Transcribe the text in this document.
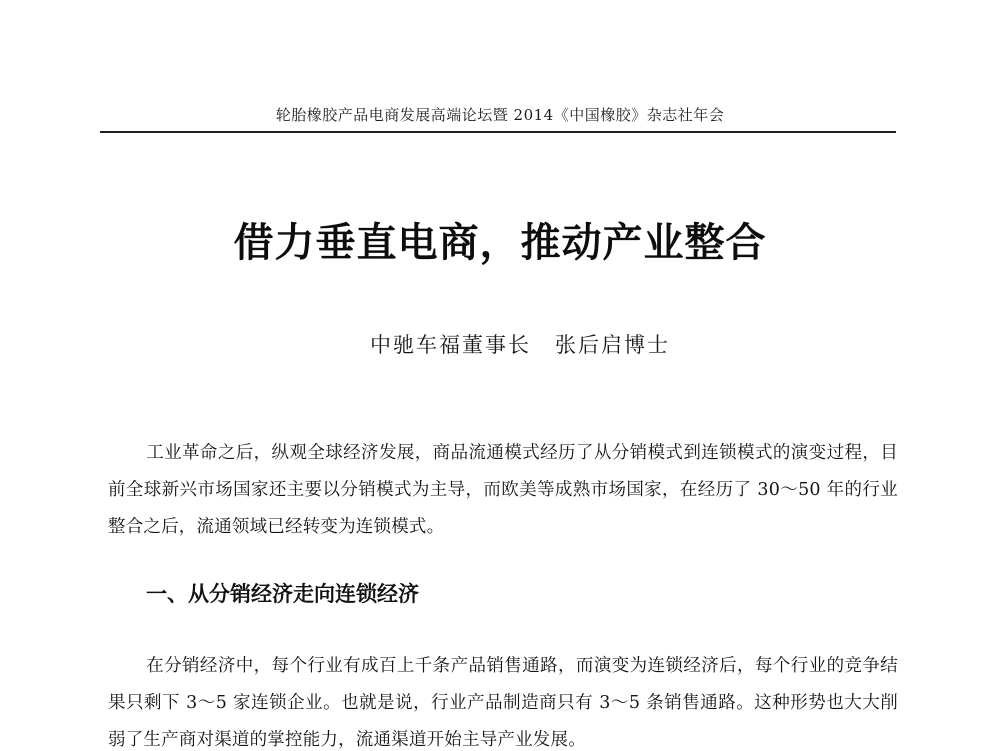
轮胎橡胶产品电商发展高端论坛暨 2014《中国橡胶》杂志社年会
借力垂直电商，推动产业整合
中驰车福董事长 张后启博士
工业革命之后，纵观全球经济发展，商品流通模式经历了从分销模式到连锁模式的演变过程，目前全球新兴市场国家还主要以分销模式为主导，而欧美等成熟市场国家，在经历了 30～50 年的行业整合之后，流通领域已经转变为连锁模式。
一、从分销经济走向连锁经济
在分销经济中，每个行业有成百上千条产品销售通路，而演变为连锁经济后，每个行业的竞争结果只剩下 3～5 家连锁企业。也就是说，行业产品制造商只有 3～5 条销售通路。这种形势也大大削弱了生产商对渠道的掌控能力，流通渠道开始主导产业发展。
